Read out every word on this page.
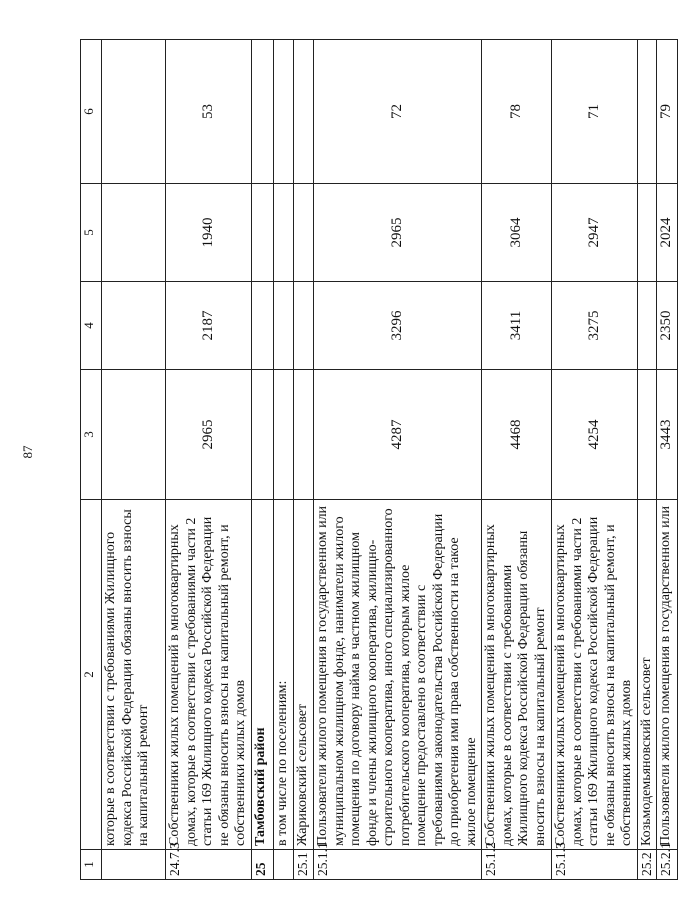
87
1	2	3	4	5	6
	которые в соответствии с требованиями Жилищного кодекса Российской Федерации обязаны вносить взносы на капитальный ремонт				
24.7.3	Собственники жилых помещений в многоквартирных домах, которые в соответствии с требованиями части 2 статьи 169 Жилищного кодекса Российской Федерации не обязаны вносить взносы на капитальный ремонт, и собственники жилых домов	2965	2187	1940	53
25	Тамбовский район				
	в том числе по поселениям:				
25.1	Жариковский сельсовет				
25.1.1	Пользователи жилого помещения в государственном или муниципальном жилищном фонде, наниматели жилого помещения по договору найма в частном жилищном фонде и члены жилищного кооператива, жилищно-строительного кооператива, иного специализированного потребительского кооператива, которым жилое помещение предоставлено в соответствии с требованиями законодательства Российской Федерации до приобретения ими права собственности на такое жилое помещение	4287	3296	2965	72
25.1.2	Собственники жилых помещений в многоквартирных домах, которые в соответствии с требованиями Жилищного кодекса Российской Федерации обязаны вносить взносы на капитальный ремонт	4468	3411	3064	78
25.1.3	Собственники жилых помещений в многоквартирных домах, которые в соответствии с требованиями части 2 статьи 169 Жилищного кодекса Российской Федерации не обязаны вносить взносы на капитальный ремонт, и собственники жилых домов	4254	3275	2947	71
25.2	Козьмодемьяновский сельсовет				
25.2.1	Пользователи жилого помещения в государственном или	3443	2350	2024	79
